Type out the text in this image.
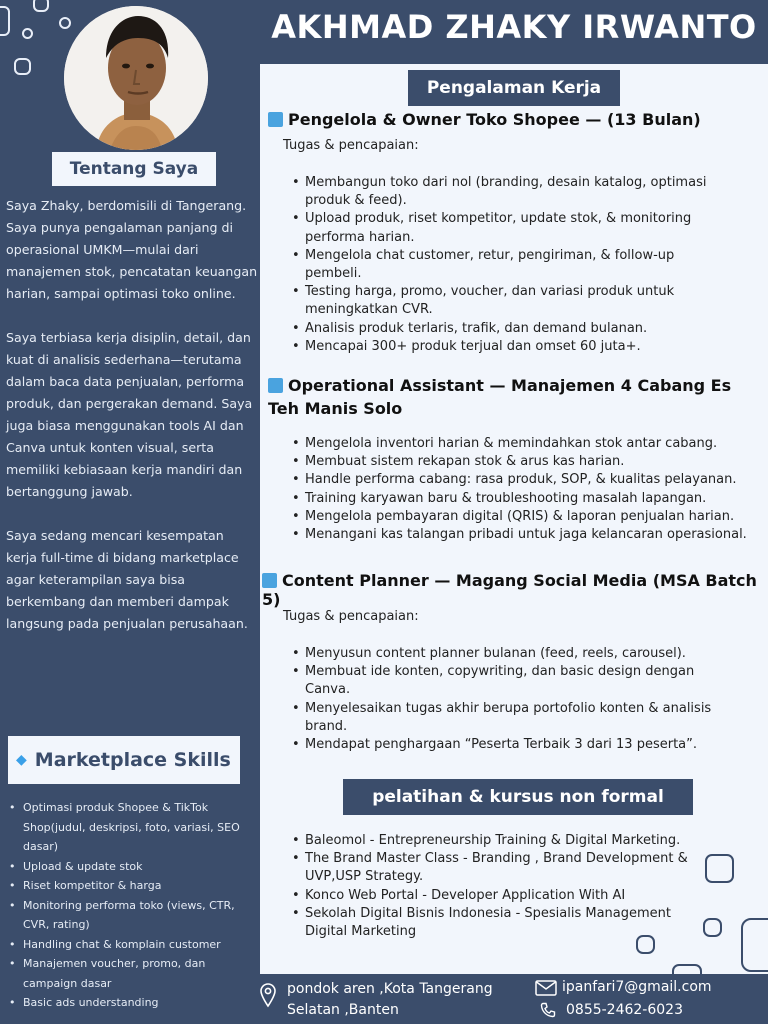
AKHMAD ZHAKY IRWANTO
Tentang Saya

Saya Zhaky, berdomisili di Tangerang. Saya punya pengalaman panjang di operasional UMKM—mulai dari manajemen stok, pencatatan keuangan harian, sampai optimasi toko online.

Saya terbiasa kerja disiplin, detail, dan kuat di analisis sederhana—terutama dalam baca data penjualan, performa produk, dan pergerakan demand. Saya juga biasa menggunakan tools AI dan Canva untuk konten visual, serta memiliki kebiasaan kerja mandiri dan bertanggung jawab.

Saya sedang mencari kesempatan kerja full-time di bidang marketplace agar keterampilan saya bisa berkembang dan memberi dampak langsung pada penjualan perusahaan.

◆ Marketplace Skills
• Optimasi produk Shopee & TikTok Shop(judul, deskripsi, foto, variasi, SEO dasar)
• Upload & update stok
• Riset kompetitor & harga
• Monitoring performa toko (views, CTR, CVR, rating)
• Handling chat & komplain customer
• Manajemen voucher, promo, dan campaign dasar
• Basic ads understanding
Pengalaman Kerja
Pengelola & Owner Toko Shopee — (13 Bulan)
Tugas & pencapaian:
• Membangun toko dari nol (branding, desain katalog, optimasi produk & feed).
• Upload produk, riset kompetitor, update stok, & monitoring performa harian.
• Mengelola chat customer, retur, pengiriman, & follow-up pembeli.
• Testing harga, promo, voucher, dan variasi produk untuk meningkatkan CVR.
• Analisis produk terlaris, trafik, dan demand bulanan.
• Mencapai 300+ produk terjual dan omset 60 juta+.
Operational Assistant — Manajemen 4 Cabang Es Teh Manis Solo
• Mengelola inventori harian & memindahkan stok antar cabang.
• Membuat sistem rekapan stok & arus kas harian.
• Handle performa cabang: rasa produk, SOP, & kualitas pelayanan.
• Training karyawan baru & troubleshooting masalah lapangan.
• Mengelola pembayaran digital (QRIS) & laporan penjualan harian.
• Menangani kas talangan pribadi untuk jaga kelancaran operasional.
Content Planner — Magang Social Media (MSA Batch 5)
Tugas & pencapaian:
• Menyusun content planner bulanan (feed, reels, carousel).
• Membuat ide konten, copywriting, dan basic design dengan Canva.
• Menyelesaikan tugas akhir berupa portofolio konten & analisis brand.
• Mendapat penghargaan “Peserta Terbaik 3 dari 13 peserta”.
pelatihan & kursus non formal
• Baleomol - Entrepreneurship Training & Digital Marketing.
• The Brand Master Class - Branding , Brand Development & UVP,USP Strategy.
• Konco Web Portal - Developer Application With AI
• Sekolah Digital Bisnis Indonesia - Spesialis Management Digital Marketing
pondok aren ,Kota Tangerang
Selatan ,Banten
ipanfari7@gmail.com
0855-2462-6023
